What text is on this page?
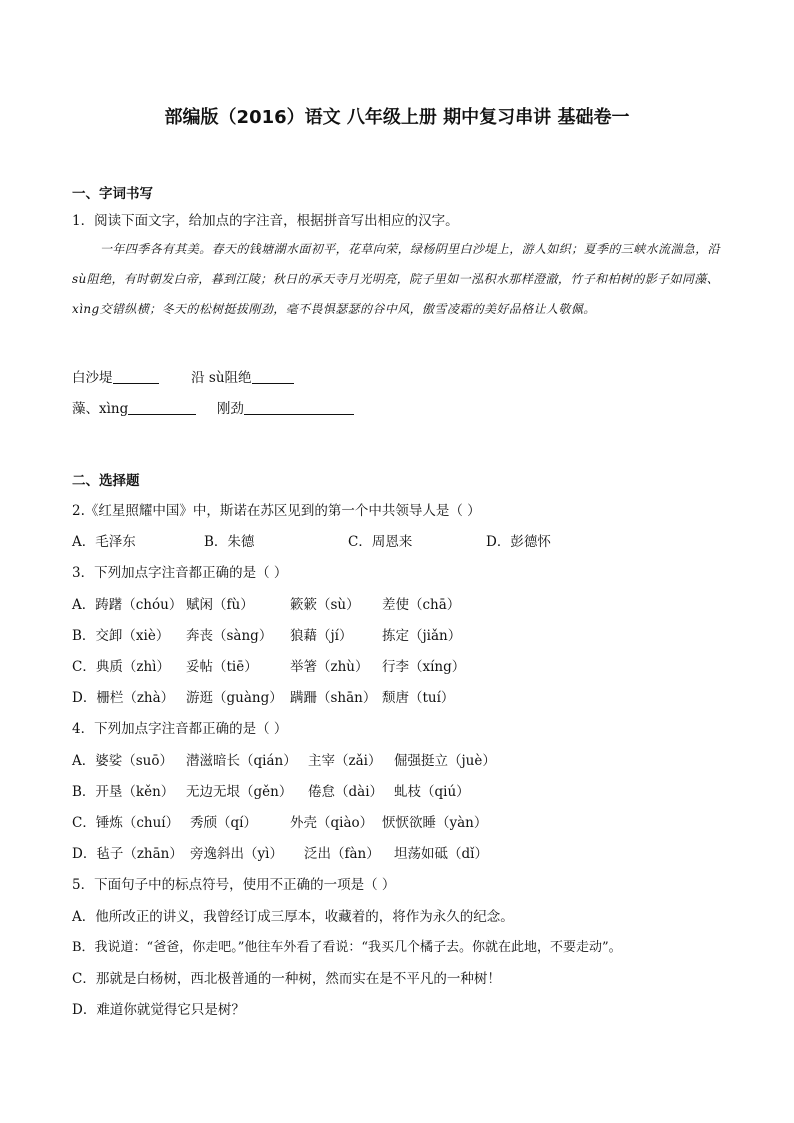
部编版（2016）语文 八年级上册 期中复习串讲 基础卷一
一、字词书写
1．阅读下面文字，给加点的字注音，根据拼音写出相应的汉字。
一年四季各有其美。春天的钱塘湖水面初平，花草向荣，绿杨阴里白沙堤上，游人如织；夏季的三峡水流湍急，沿sù阻绝，有时朝发白帝，暮到江陵；秋日的承天寺月光明亮，院子里如一泓积水那样澄澈，竹子和柏树的影子如同藻、xìng交错纵横；冬天的松树挺拔刚劲，毫不畏惧瑟瑟的谷中风，傲雪凌霜的美好品格让人敬佩。
白沙堤	沿 sù阻绝
藻、xìng	刚劲
二、选择题
2.《红星照耀中国》中，斯诺在苏区见到的第一个中共领导人是（ ）
A．毛泽东	B．朱德	C．周恩来	D．彭德怀
3．下列加点字注音都正确的是（ ）
A．踌躇（chóu） 赋闲（fù）	簌簌（sù） 差使（chā）
B．交卸（xiè） 奔丧（sàng） 狼藉（jí） 拣定（jiǎn）
C．典质（zhì） 妥帖（tiē） 举箸（zhù） 行李（xíng）
D．栅栏（zhà） 游逛（guàng） 蹒跚（shān） 颓唐（tuí）
4．下列加点字注音都正确的是（ ）
A．婆娑（suō） 潜滋暗长（qián） 主宰（zǎi） 倔强挺立（juè）
B．开垦（kěn） 无边无垠（gěn） 倦怠（dài） 虬枝（qiú）
C．锤炼（chuí） 秀颀（qí） 外壳（qiào） 恹恹欲睡（yàn）
D．毡子（zhān） 旁逸斜出（yì） 泛出（fàn） 坦荡如砥（dǐ）
5．下面句子中的标点符号，使用不正确的一项是（ ）
A．他所改正的讲义，我曾经订成三厚本，收藏着的，将作为永久的纪念。
B．我说道：“爸爸，你走吧。”他往车外看了看说：“我买几个橘子去。你就在此地，不要走动”。
C．那就是白杨树，西北极普通的一种树，然而实在是不平凡的一种树！
D．难道你就觉得它只是树？
